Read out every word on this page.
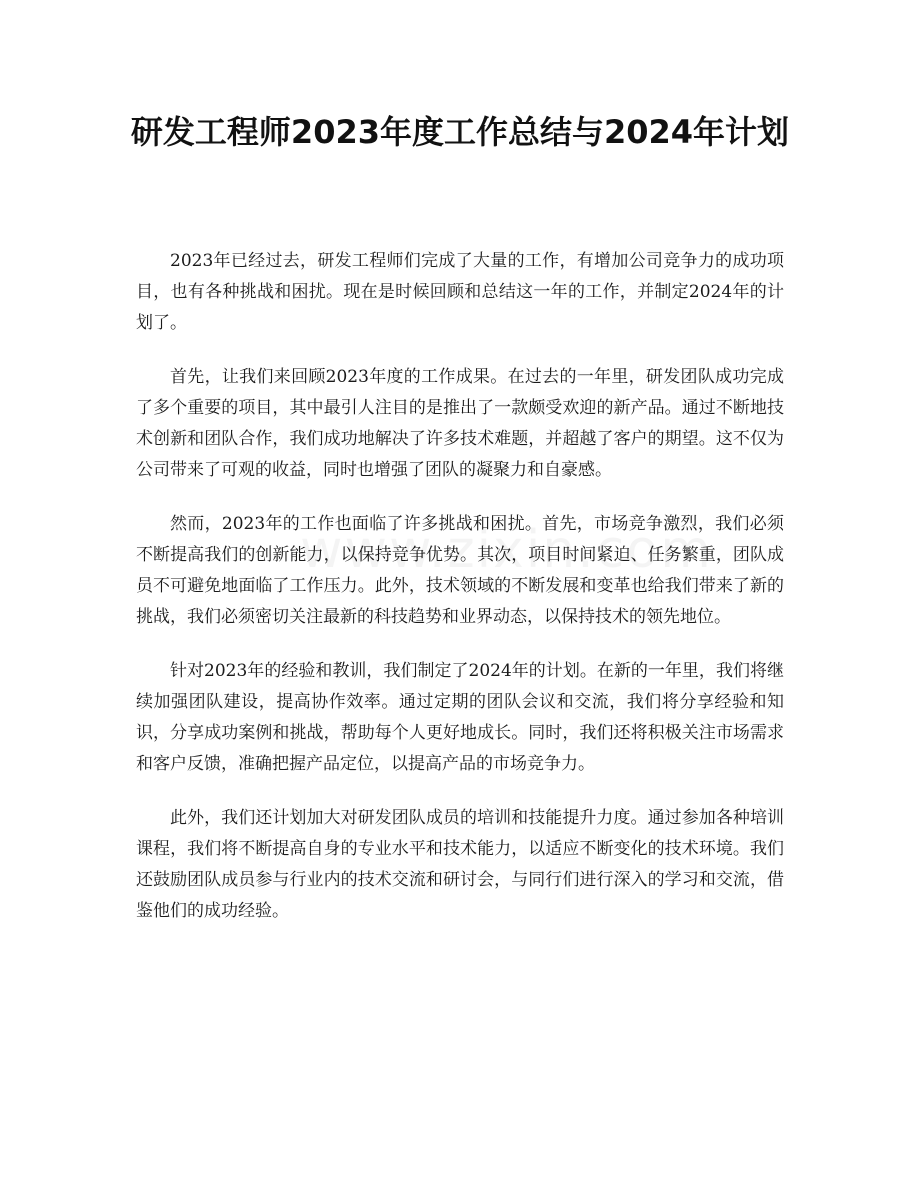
研发工程师2023年度工作总结与2024年计划

2023年已经过去，研发工程师们完成了大量的工作，有增加公司竞争力的成功项目，也有各种挑战和困扰。现在是时候回顾和总结这一年的工作，并制定2024年的计划了。

首先，让我们来回顾2023年度的工作成果。在过去的一年里，研发团队成功完成了多个重要的项目，其中最引人注目的是推出了一款颇受欢迎的新产品。通过不断地技术创新和团队合作，我们成功地解决了许多技术难题，并超越了客户的期望。这不仅为公司带来了可观的收益，同时也增强了团队的凝聚力和自豪感。

然而，2023年的工作也面临了许多挑战和困扰。首先，市场竞争激烈，我们必须不断提高我们的创新能力，以保持竞争优势。其次，项目时间紧迫、任务繁重，团队成员不可避免地面临了工作压力。此外，技术领域的不断发展和变革也给我们带来了新的挑战，我们必须密切关注最新的科技趋势和业界动态，以保持技术的领先地位。

针对2023年的经验和教训，我们制定了2024年的计划。在新的一年里，我们将继续加强团队建设，提高协作效率。通过定期的团队会议和交流，我们将分享经验和知识，分享成功案例和挑战，帮助每个人更好地成长。同时，我们还将积极关注市场需求和客户反馈，准确把握产品定位，以提高产品的市场竞争力。

此外，我们还计划加大对研发团队成员的培训和技能提升力度。通过参加各种培训课程，我们将不断提高自身的专业水平和技术能力，以适应不断变化的技术环境。我们还鼓励团队成员参与行业内的技术交流和研讨会，与同行们进行深入的学习和交流，借鉴他们的成功经验。
